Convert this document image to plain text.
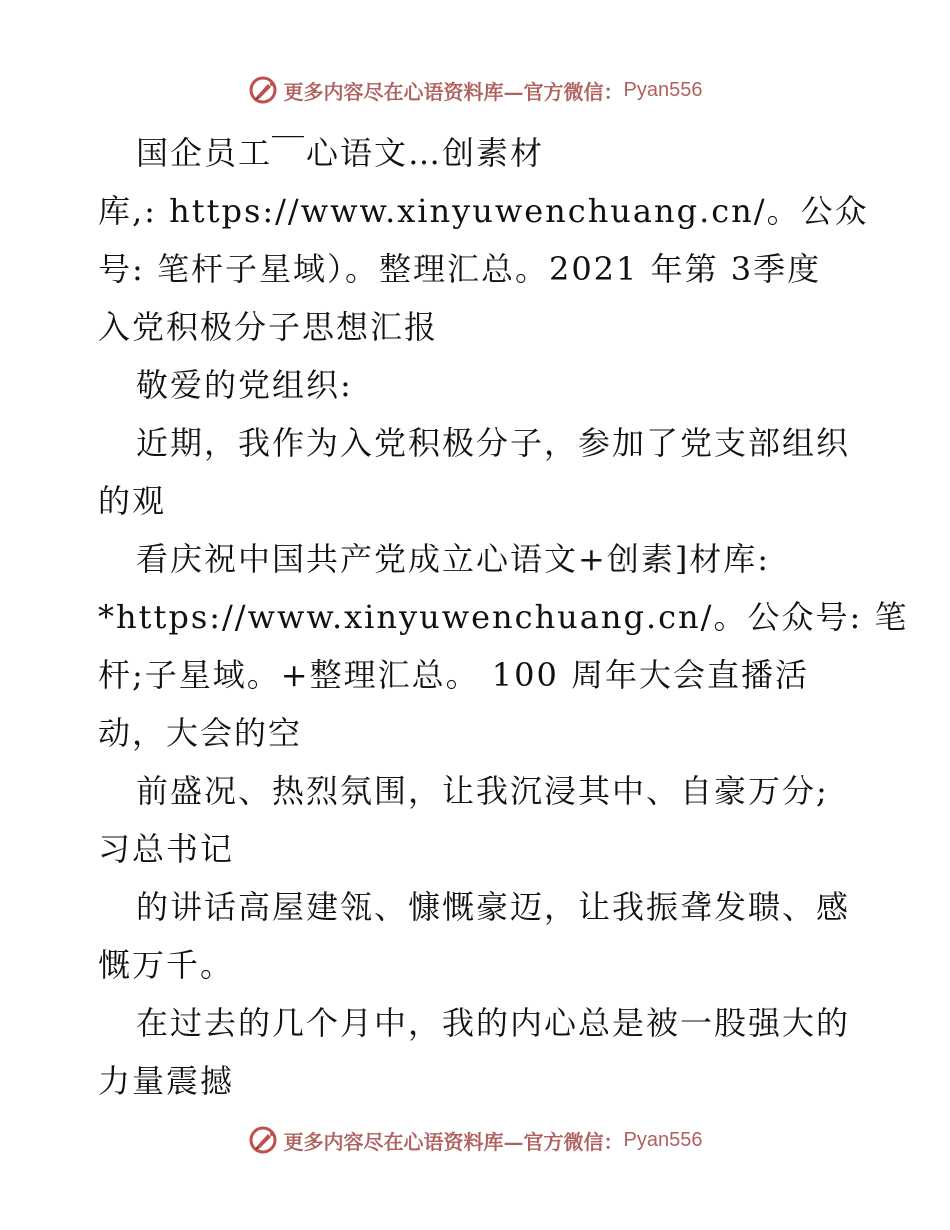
更多内容尽在心语资料库—官方微信： Pyan556
国企员工￣心语文…创素材
库,: https://www.xinyuwenchuang.cn/。公众
号: 笔杆子星域）。整理汇总。2021 年第 3季度
入党积极分子思想汇报
敬爱的党组织:
近期，我作为入党积极分子，参加了党支部组织
的观
看庆祝中国共产党成立心语文+创素]材库:
*https://www.xinyuwenchuang.cn/。公众号: 笔
杆;子星域。+整理汇总。 100 周年大会直播活
动，大会的空
前盛况、热烈氛围，让我沉浸其中、自豪万分;
习总书记
的讲话高屋建瓴、慷慨豪迈，让我振聋发聩、感
慨万千。
在过去的几个月中，我的内心总是被一股强大的
力量震撼
更多内容尽在心语资料库—官方微信： Pyan556
